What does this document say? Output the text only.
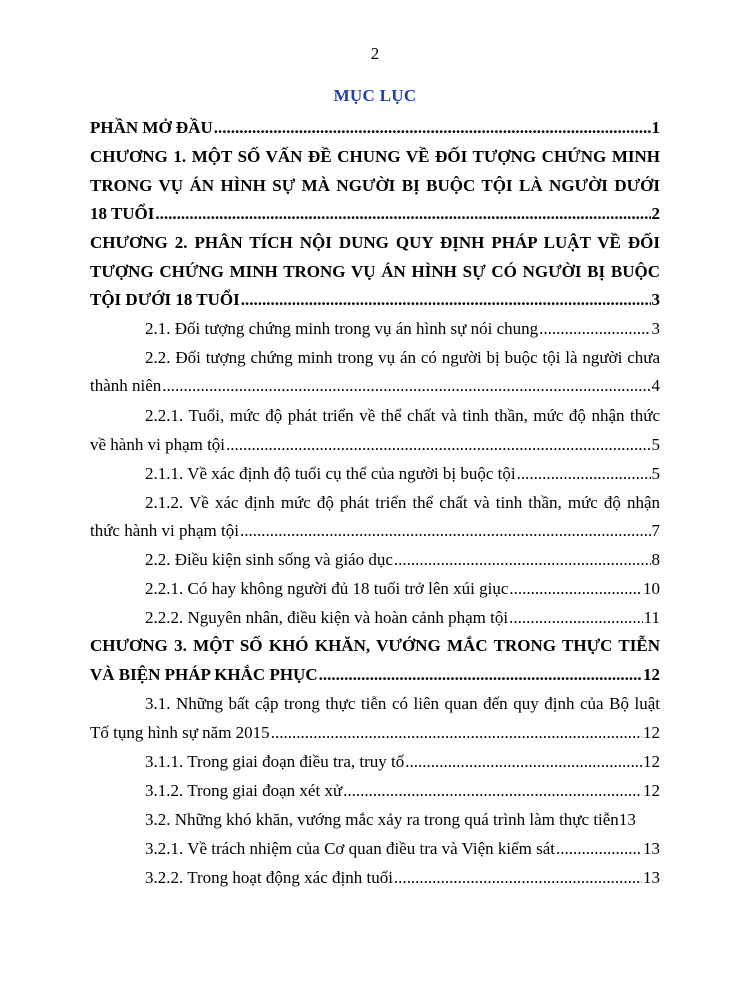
2
MỤC LỤC
PHẦN MỞ ĐẦU .....	1
CHƯƠNG 1. MỘT SỐ VẤN ĐỀ CHUNG VỀ ĐỐI TƯỢNG CHỨNG MINH
TRONG VỤ ÁN HÌNH SỰ MÀ NGƯỜI BỊ BUỘC TỘI LÀ NGƯỜI DƯỚI
18 TUỔI .....	2
CHƯƠNG 2. PHÂN TÍCH NỘI DUNG QUY ĐỊNH PHÁP LUẬT VỀ ĐỐI
TƯỢNG CHỨNG MINH TRONG VỤ ÁN HÌNH SỰ CÓ NGƯỜI BỊ BUỘC
TỘI DƯỚI 18 TUỔI .....	3
2.1. Đối tượng chứng minh trong vụ án hình sự nói chung .....	3
2.2. Đối tượng chứng minh trong vụ án có người bị buộc tội là người chưa
thành niên .....	4
2.2.1. Tuổi, mức độ phát triển về thể chất và tinh thần, mức độ nhận thức
về hành vi phạm tội .....	5
2.1.1. Về xác định độ tuổi cụ thể của người bị buộc tội .....	5
2.1.2. Về xác định mức độ phát triển thể chất và tinh thần, mức độ nhận
thức hành vi phạm tội .....	7
2.2. Điều kiện sinh sống và giáo dục .....	8
2.2.1. Có hay không người đủ 18 tuổi trở lên xúi giục .....	10
2.2.2. Nguyên nhân, điều kiện và hoàn cảnh phạm tội .....	11
CHƯƠNG 3. MỘT SỐ KHÓ KHĂN, VƯỚNG MẮC TRONG THỰC TIỄN
VÀ BIỆN PHÁP KHẮC PHỤC .....	12
3.1. Những bất cập trong thực tiễn có liên quan đến quy định của Bộ luật
Tố tụng hình sự năm 2015 .....	12
3.1.1. Trong giai đoạn điều tra, truy tố .....	12
3.1.2. Trong giai đoạn xét xử .....	12
3.2. Những khó khăn, vướng mắc xảy ra trong quá trình làm thực tiễn 13
3.2.1. Về trách nhiệm của Cơ quan điều tra và Viện kiểm sát .....	13
3.2.2. Trong hoạt động xác định tuổi .....	13
